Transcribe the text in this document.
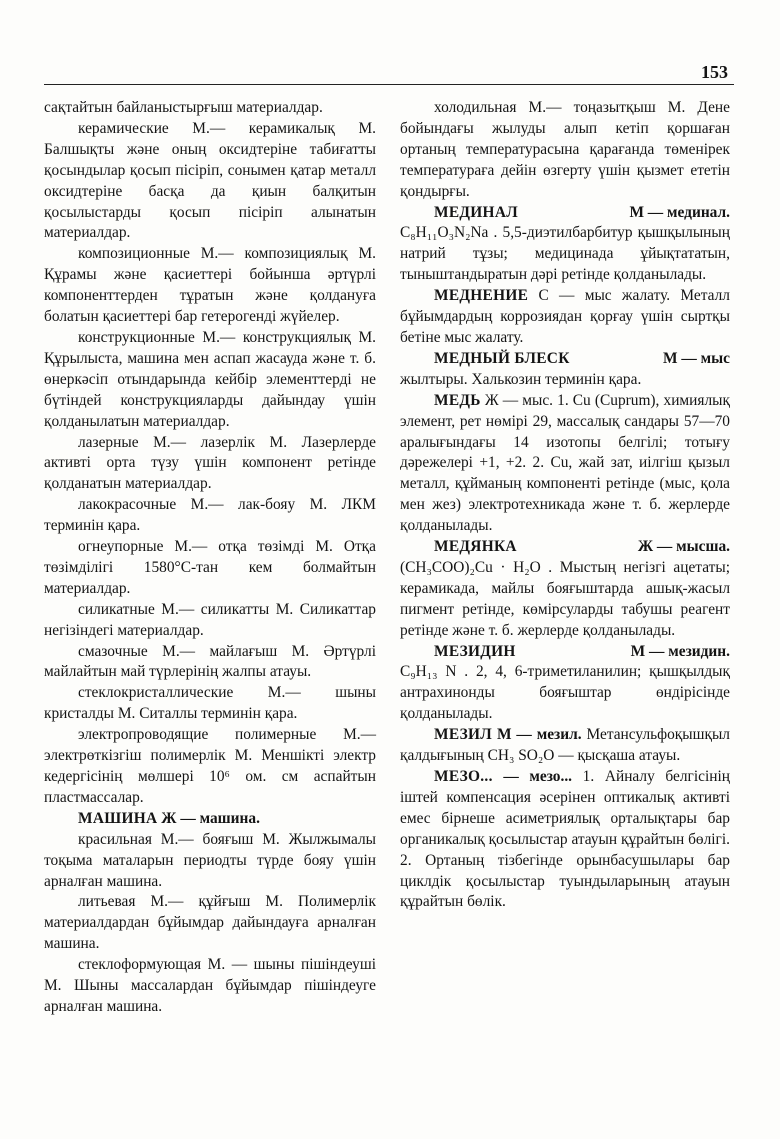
153

сақтайтын байланыстырғыш материалдар.

керамические М.— керамикалық М. Балшықты және оның оксидтеріне табиғатты қосындылар қосып пісіріп, сонымен қатар металл оксидтеріне басқа да қиын балқитын қосылыстарды қосып пісіріп алынатын материалдар.

композиционные М.— композициялық М. Құрамы және қасиеттері бойынша әртүрлі компоненттерден тұратын және қолдануға болатын қасиеттері бар гетерогенді жүйелер.

конструкционные М.— конструкциялық М. Құрылыста, машина мен аспап жасауда және т. б. өнеркәсіп отындарында кейбір элементтерді не бүтіндей конструкцияларды дайындау үшін қолданылатын материалдар.

лазерные М.— лазерлік М. Лазерлерде активті орта түзу үшін компонент ретінде қолданатын материалдар.

лакокрасочные М.— лак-бояу М. ЛКМ терминін қара.

огнеупорные М.— отқа төзімді М. Отқа төзімділігі 1580°С-тан кем болмайтын материалдар.

силикатные М.— силикатты М. Силикаттар негізіндегі материалдар.

смазочные М.— майлағыш М. Әртүрлі майлайтын май түрлерінің жалпы атауы.

стеклокристаллические М.— шыны кристалды М. Ситаллы терминін қара.

электропроводящие полимерные М.— электрөткізгіш полимерлік М. Меншікті электр кедергісінің мөлшері 10⁶ ом. см аспайтын пластмассалар.

МАШИНА Ж — машина.

красильная М.— бояғыш М. Жылжымалы тоқыма маталарын периодты түрде бояу үшін арналған машина.

литьевая М.— құйғыш М. Полимерлік материалдардан бұйымдар дайындауға арналған машина.

стеклоформующая М. — шыны пішіндеуші М. Шыны массалардан бұйымдар пішіндеуге арналған машина.

холодильная М.— тоңазытқыш М. Дене бойындағы жылуды алып кетіп қоршаған ортаның температурасына қарағанда төменірек температураға дейін өзгерту үшін қызмет ететін қондырғы.

МЕДИНАЛ	М — мединал.

C₈H₁₁O₃N₂Na . 5,5-диэтилбарбитур қышқылының натрий тұзы; медицинада ұйықтататын, тыныштандыратын дәрі ретінде қолданылады.

МЕДНЕНИЕ С — мыс жалату. Металл бұйымдардың коррозиядан қорғау үшін сыртқы бетіне мыс жалату.

МЕДНЫЙ БЛЕСК	М — мыс

жылтыры. Халькозин терминін қара.

МЕДЬ Ж — мыс. 1. Cu (Cuprum), химиялық элемент, рет нөмірі 29, массалық сандары 57—70 аралығындағы 14 изотопы белгілі; тотығу дәрежелері +1, +2. 2. Cu, жай зат, иілгіш қызыл металл, құйманың компоненті ретінде (мыс, қола мен жез) электротехникада және т. б. жерлерде қолданылады.

МЕДЯНКА	Ж — мысша.

(CH₃COO)₂Cu · H₂O . Мыстың негізгі ацетаты; керамикада, майлы бояғыштарда ашық-жасыл пигмент ретінде, көмірсуларды табушы реагент ретінде және т. б. жерлерде қолданылады.

МЕЗИДИН	М — мезидин.

C₉H₁₃ N . 2, 4, 6-триметиланилин; қышқылдық антрахинонды бояғыштар өндірісінде қолданылады.

МЕЗИЛ М — мезил. Метансульфоқышқыл қалдығының CH₃ SO₂O — қысқаша атауы.

МЕЗО... — мезо... 1. Айналу белгісінің іштей компенсация әсерінен оптикалық активті емес бірнеше асиметриялық орталықтары бар органикалық қосылыстар атауын құрайтын бөлігі. 2. Ортаның тізбегінде орынбасушылары бар циклдік қосылыстар туындыларының атауын құрайтын бөлік.
